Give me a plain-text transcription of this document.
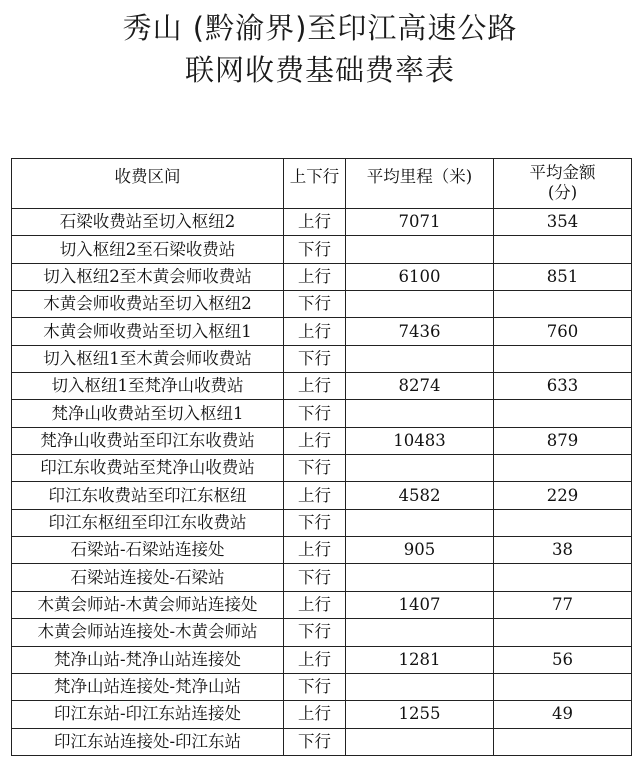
秀山 (黔渝界)至印江高速公路
联网收费基础费率表
收费区间	上下行	平均里程（米)	平均金额
(分)

石梁收费站至切入枢纽2	上行	7071	354
切入枢纽2至石梁收费站	下行		
切入枢纽2至木黄会师收费站	上行	6100	851
木黄会师收费站至切入枢纽2	下行		
木黄会师收费站至切入枢纽1	上行	7436	760
切入枢纽1至木黄会师收费站	下行		
切入枢纽1至梵净山收费站	上行	8274	633
梵净山收费站至切入枢纽1	下行		
梵净山收费站至印江东收费站	上行	10483	879
印江东收费站至梵净山收费站	下行		
印江东收费站至印江东枢纽	上行	4582	229
印江东枢纽至印江东收费站	下行		
石梁站-石梁站连接处	上行	905	38
石梁站连接处-石梁站	下行		
木黄会师站-木黄会师站连接处	上行	1407	77
木黄会师站连接处-木黄会师站	下行		
梵净山站-梵净山站连接处	上行	1281	56
梵净山站连接处-梵净山站	下行		
印江东站-印江东站连接处	上行	1255	49
印江东站连接处-印江东站	下行		
